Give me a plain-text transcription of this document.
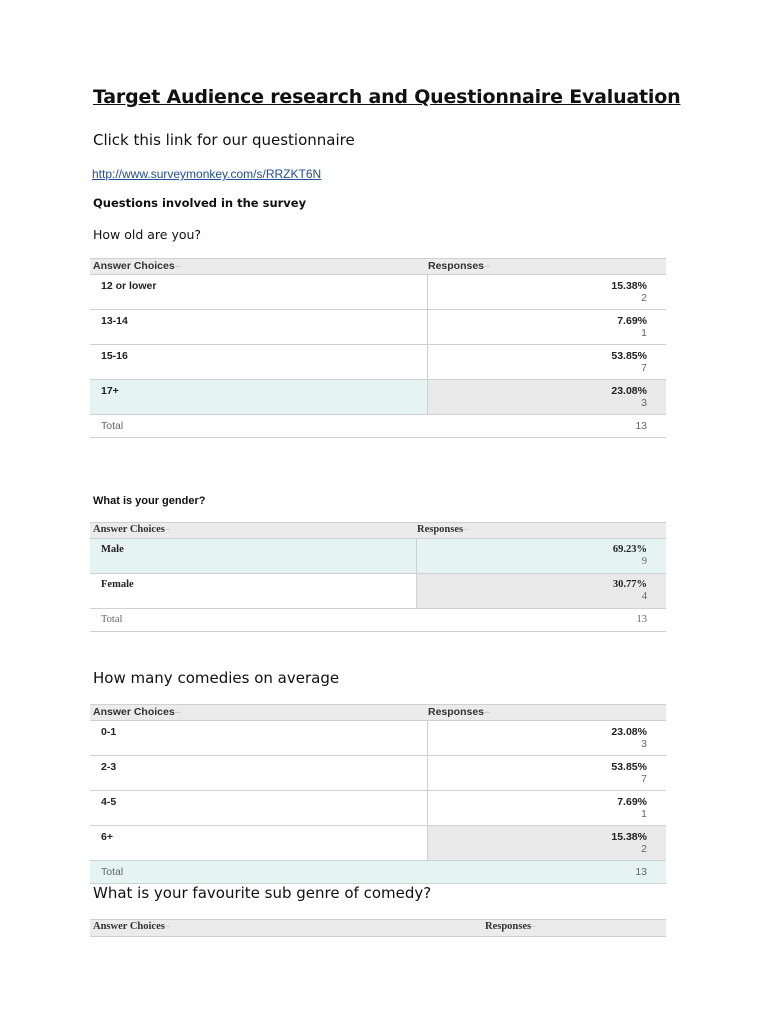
Target Audience research and Questionnaire Evaluation
Click this link for our questionnaire
http://www.surveymonkey.com/s/RRZKT6N
Questions involved in the survey
How old are you?
Answer Choices–	Responses–
12 or lower	15.38%
2
13-14	7.69%
1
15-16	53.85%
7
17+	23.08%
3
Total	13
What is your gender?
Answer Choices–	Responses–
Male	69.23%
9
Female	30.77%
4
Total	13
How many comedies on average
Answer Choices–	Responses–
0-1	23.08%
3
2-3	53.85%
7
4-5	7.69%
1
6+	15.38%
2
Total	13
What is your favourite sub genre of comedy?
Answer Choices–	Responses–
